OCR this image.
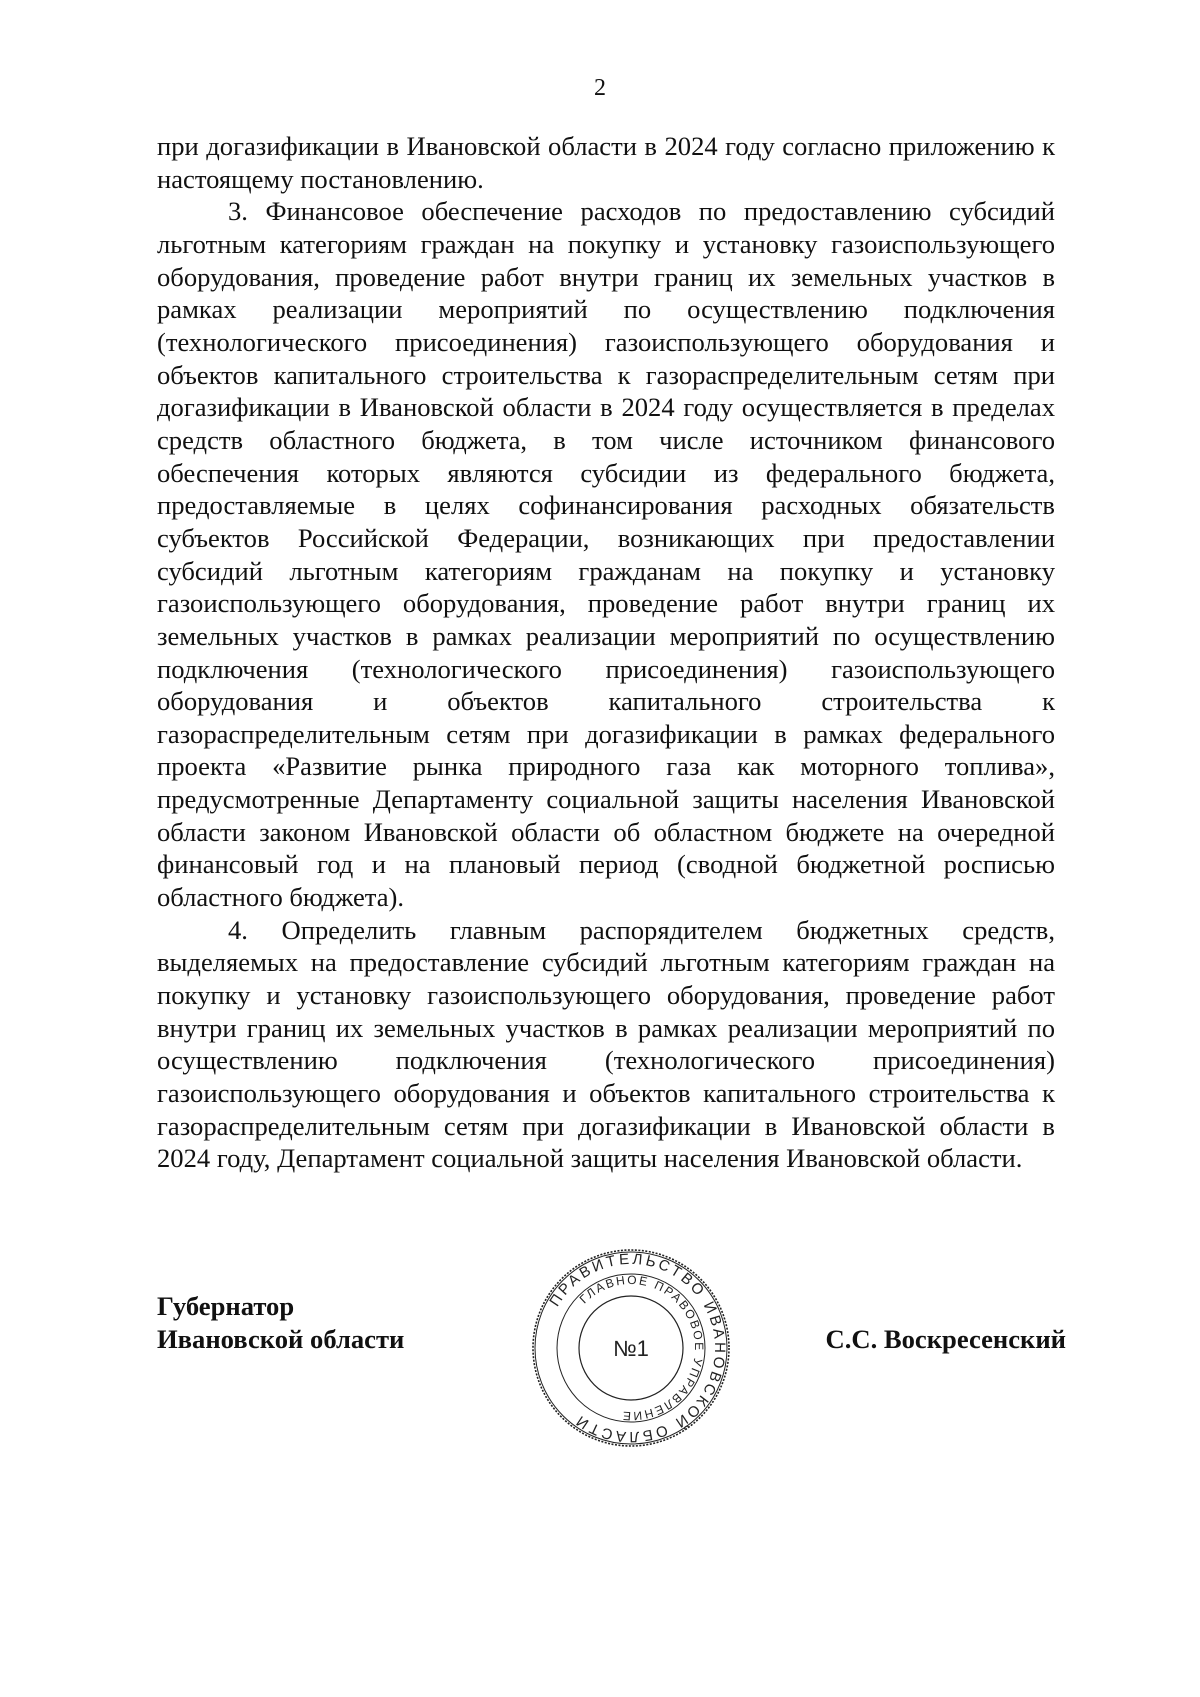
2

при догазификации в Ивановской области в 2024 году согласно приложению к настоящему постановлению.

3. Финансовое обеспечение расходов по предоставлению субсидий льготным категориям граждан на покупку и установку газоиспользующего оборудования, проведение работ внутри границ их земельных участков в рамках реализации мероприятий по осуществлению подключения (технологического присоединения) газоиспользующего оборудования и объектов капитального строительства к газораспределительным сетям при догазификации в Ивановской области в 2024 году осуществляется в пределах средств областного бюджета, в том числе источником финансового обеспечения которых являются субсидии из федерального бюджета, предоставляемые в целях софинансирования расходных обязательств субъектов Российской Федерации, возникающих при предоставлении субсидий льготным категориям гражданам на покупку и установку газоиспользующего оборудования, проведение работ внутри границ их земельных участков в рамках реализации мероприятий по осуществлению подключения (технологического присоединения) газоиспользующего оборудования и объектов капитального строительства к газораспределительным сетям при догазификации в рамках федерального проекта «Развитие рынка природного газа как моторного топлива», предусмотренные Департаменту социальной защиты населения Ивановской области законом Ивановской области об областном бюджете на очередной финансовый год и на плановый период (сводной бюджетной росписью областного бюджета).

4. Определить главным распорядителем бюджетных средств, выделяемых на предоставление субсидий льготным категориям граждан на покупку и установку газоиспользующего оборудования, проведение работ внутри границ их земельных участков в рамках реализации мероприятий по осуществлению подключения (технологического присоединения) газоиспользующего оборудования и объектов капитального строительства к газораспределительным сетям при догазификации в Ивановской области в 2024 году, Департамент социальной защиты населения Ивановской области.

Губернатор
Ивановской области	С.С. Воскресенский
ПРАВИТЕЛЬСТВО ИВАНОВСКОЙ ОБЛАСТИ
ГЛАВНОЕ ПРАВОВОЕ УПРАВЛЕНИЕ
№1
